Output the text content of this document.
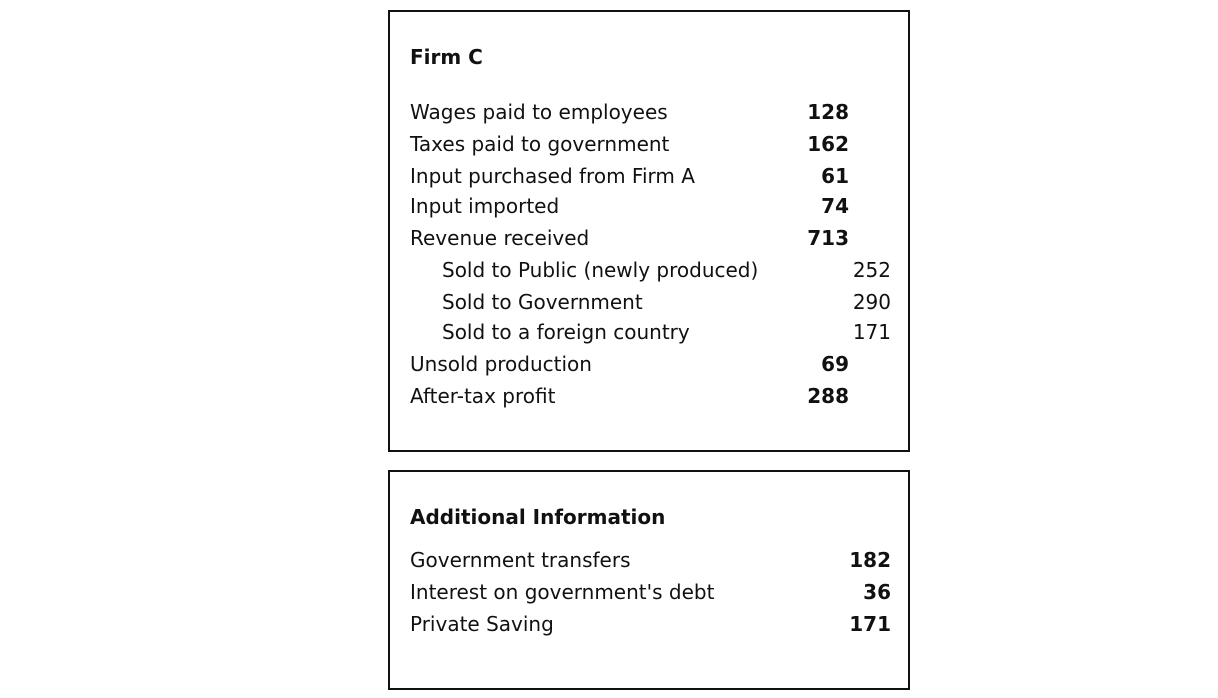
Firm C
Wages paid to employees	128
Taxes paid to government	162
Input purchased from Firm A	61
Input imported	74
Revenue received	713
Sold to Public (newly produced)	252
Sold to Government	290
Sold to a foreign country	171
Unsold production	69
After-tax profit	288
Additional Information
Government transfers	182
Interest on government's debt	36
Private Saving	171
